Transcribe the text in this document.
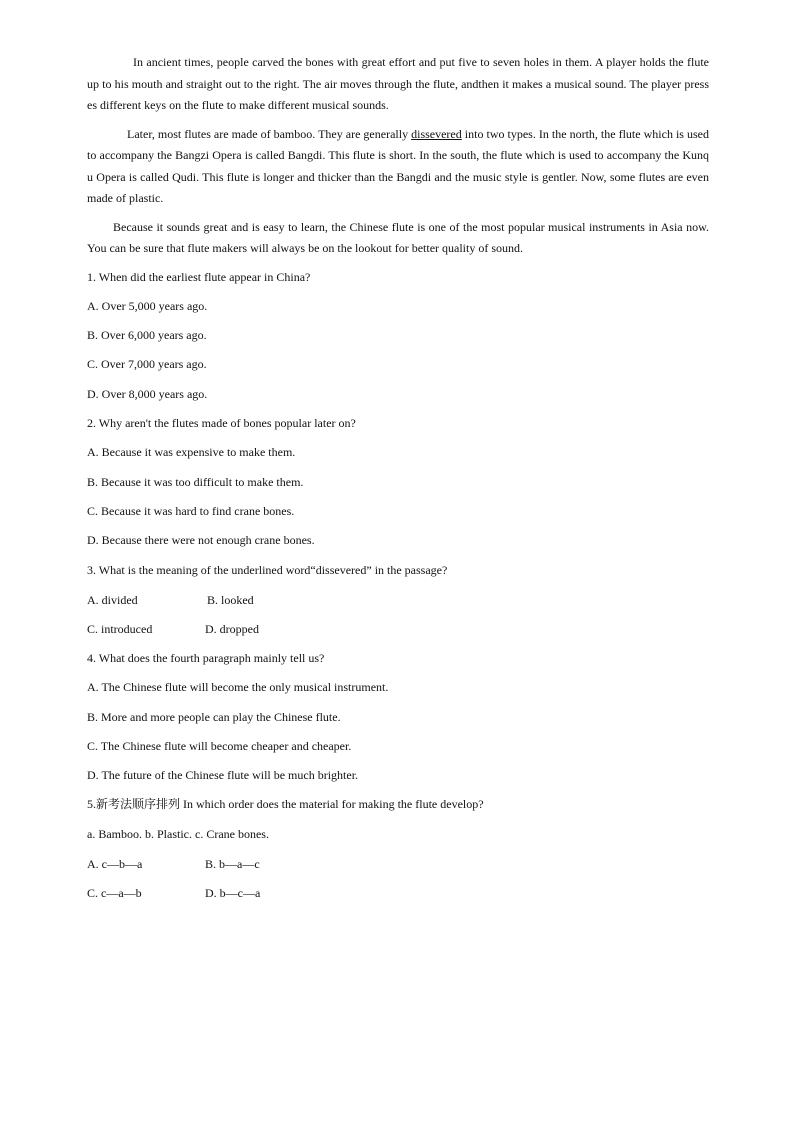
In ancient times, people carved the bones with great effort and put five to seven holes in them. A player holds the flute up to his mouth and straight out to the right. The air moves through the flute, andthen it makes a musical sound. The player presses different keys on the flute to make different musical sounds.

Later, most flutes are made of bamboo. They are generally dissevered into two types. In the north, the flute which is used to accompany the Bangzi Opera is called Bangdi. This flute is short. In the south, the flute which is used to accompany the Kunqu Opera is called Qudi. This flute is longer and thicker than the Bangdi and the music style is gentler. Now, some flutes are even made of plastic.

Because it sounds great and is easy to learn, the Chinese flute is one of the most popular musical instruments in Asia now. You can be sure that flute makers will always be on the lookout for better quality of sound.

1. When did the earliest flute appear in China?
A. Over 5,000 years ago.
B. Over 6,000 years ago.
C. Over 7,000 years ago.
D. Over 8,000 years ago.
2. Why aren't the flutes made of bones popular later on?
A. Because it was expensive to make them.
B. Because it was too difficult to make them.
C. Because it was hard to find crane bones.
D. Because there were not enough crane bones.
3. What is the meaning of the underlined word“dissevered” in the passage?
A. divided	B. looked
C. introduced	D. dropped
4. What does the fourth paragraph mainly tell us?
A. The Chinese flute will become the only musical instrument.
B. More and more people can play the Chinese flute.
C. The Chinese flute will become cheaper and cheaper.
D. The future of the Chinese flute will be much brighter.
5.新考法顺序排列 In which order does the material for making the flute develop?
a. Bamboo. b. Plastic. c. Crane bones.
A. c—b—a	B. b—a—c
C. c—a—b	D. b—c—a
